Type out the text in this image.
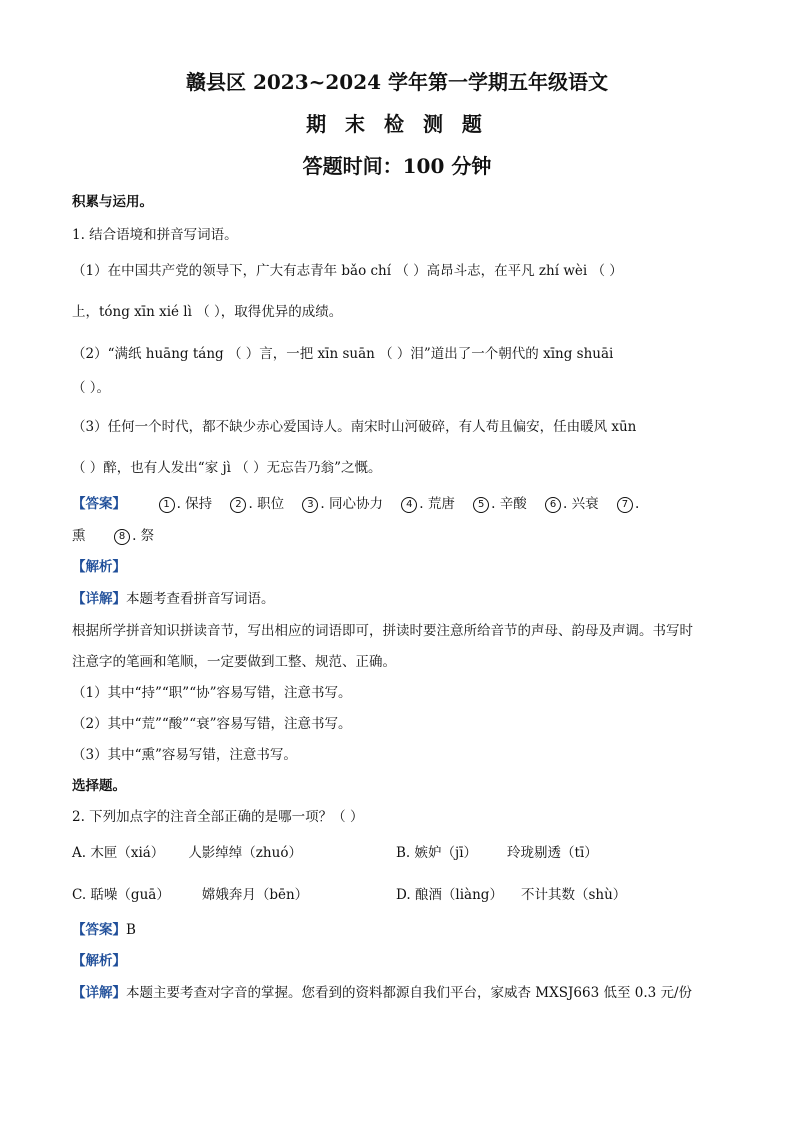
赣县区 2023~2024 学年第一学期五年级语文
期 末 检 测 题
答题时间：100 分钟
积累与运用。
1. 结合语境和拼音写词语。
（1）在中国共产党的领导下，广大有志青年 bǎo chí （ ）高昂斗志，在平凡 zhí wèi （ ）
上，tóng xīn xié lì （ ），取得优异的成绩。
（2）“满纸 huāng táng （ ）言，一把 xīn suān （ ）泪”道出了一个朝代的 xīng shuāi
（ ）。
（3）任何一个时代，都不缺少赤心爱国诗人。南宋时山河破碎，有人苟且偏安，任由暖风 xūn
（ ）醉，也有人发出“家 jì （ ）无忘告乃翁”之慨。
【答案】	1 . 保持 2 . 职位 3 . 同心协力 4 . 荒唐 5 . 辛酸 6 . 兴衰 7 .
熏	8 . 祭
【解析】
【详解】本题考查看拼音写词语。
根据所学拼音知识拼读音节，写出相应的词语即可，拼读时要注意所给音节的声母、韵母及声调。书写时
注意字的笔画和笔顺，一定要做到工整、规范、正确。
（1）其中“持”“职”“协”容易写错，注意书写。
（2）其中“荒”“酸”“衰”容易写错，注意书写。
（3）其中“熏”容易写错，注意书写。
选择题。
2. 下列加点字的注音全部正确的是哪一项？（ ）
A. 木匣（xiá） 人影绰绰（zhuó）	B. 嫉妒（jī） 玲珑剔透（tī）
C. 聒噪（guā） 嫦娥奔月（bēn）	D. 酿酒（liàng） 不计其数（shù）
【答案】B
【解析】
【详解】本题主要考查对字音的掌握。您看到的资料都源自我们平台，家威杏 MXSJ663 低至 0.3 元/份
